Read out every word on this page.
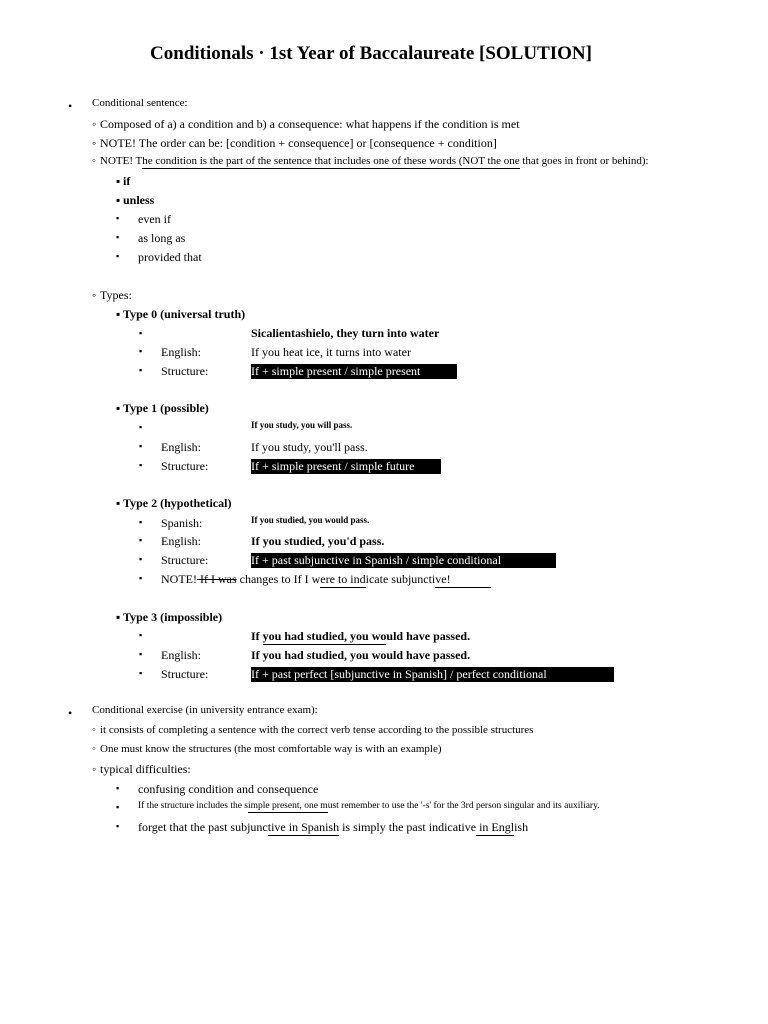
Conditionals · 1st Year of Baccalaureate [SOLUTION]
• Conditional sentence:
◦ Composed of a) a condition and b) a consequence: what happens if the condition is met
◦ NOTE! The order can be: [condition + consequence] or [consequence + condition]
◦ NOTE! The condition is the part of the sentence that includes one of these words (NOT the one that goes in front or behind):
▪ if
▪ unless
▪ even if
▪ as long as
▪ provided that
◦ Types:
▪ Type 0 (universal truth)
▪	Sicalientashielo, they turn into water
▪ English:	If you heat ice, it turns into water
▪ Structure:	If + simple present / simple present
▪ Type 1 (possible)
▪	If you study, you will pass.
▪ English:	If you study, you'll pass.
▪ Structure:	If + simple present / simple future
▪ Type 2 (hypothetical)
▪ Spanish:	If you studied, you would pass.
▪ English:	If you studied, you'd pass.
▪ Structure:	If + past subjunctive in Spanish / simple conditional
▪ NOTE! If I was changes to If I were to indicate subjunctive!
▪ Type 3 (impossible)
▪	If you had studied, you would have passed.
▪ English:	If you had studied, you would have passed.
▪ Structure:	If + past perfect [subjunctive in Spanish] / perfect conditional
• Conditional exercise (in university entrance exam):
◦ it consists of completing a sentence with the correct verb tense according to the possible structures
◦ One must know the structures (the most comfortable way is with an example)
◦ typical difficulties:
▪ confusing condition and consequence
▪ If the structure includes the simple present, one must remember to use the '-s' for the 3rd person singular and its auxiliary.
▪ forget that the past subjunctive in Spanish is simply the past indicative in English
